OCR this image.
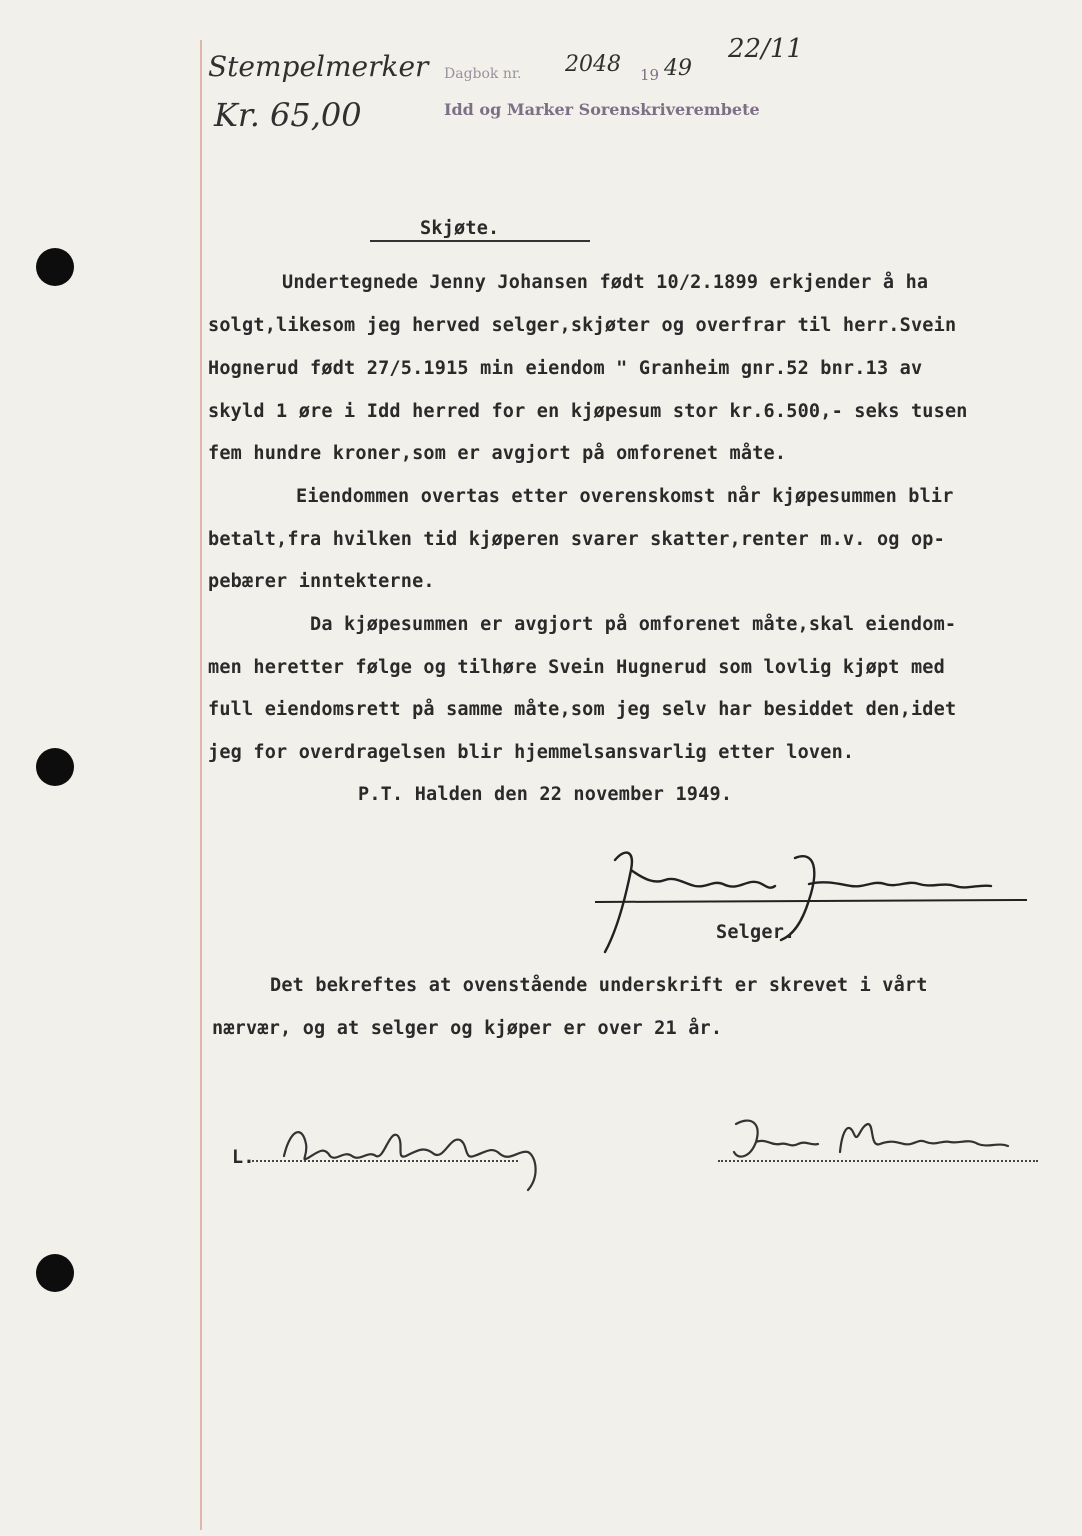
Stempelmerker
Kr. 65,00
Dagbok nr. 2048 19 49
22/11
Idd og Marker Sorenskriverembete
Skjøte.
Undertegnede Jenny Johansen født 10/2.1899 erkjender å ha
solgt,likesom jeg herved selger,skjøter og overfrar til herr.Svein
Hognerud født 27/5.1915 min eiendom " Granheim gnr.52 bnr.13 av
skyld 1 øre i Idd herred for en kjøpesum stor kr.6.500,- seks tusen
fem hundre kroner,som er avgjort på omforenet måte.
Eiendommen overtas etter overenskomst når kjøpesummen blir
betalt,fra hvilken tid kjøperen svarer skatter,renter m.v. og op-
pebærer inntekterne.
Da kjøpesummen er avgjort på omforenet måte,skal eiendom-
men heretter følge og tilhøre Svein Hugnerud som lovlig kjøpt med
full eiendomsrett på samme måte,som jeg selv har besiddet den,idet
jeg for overdragelsen blir hjemmelsansvarlig etter loven.
P.T. Halden den 22 november 1949.
Selger.
Det bekreftes at ovenstående underskrift er skrevet i vårt
nærvær, og at selger og kjøper er over 21 år.
L.
